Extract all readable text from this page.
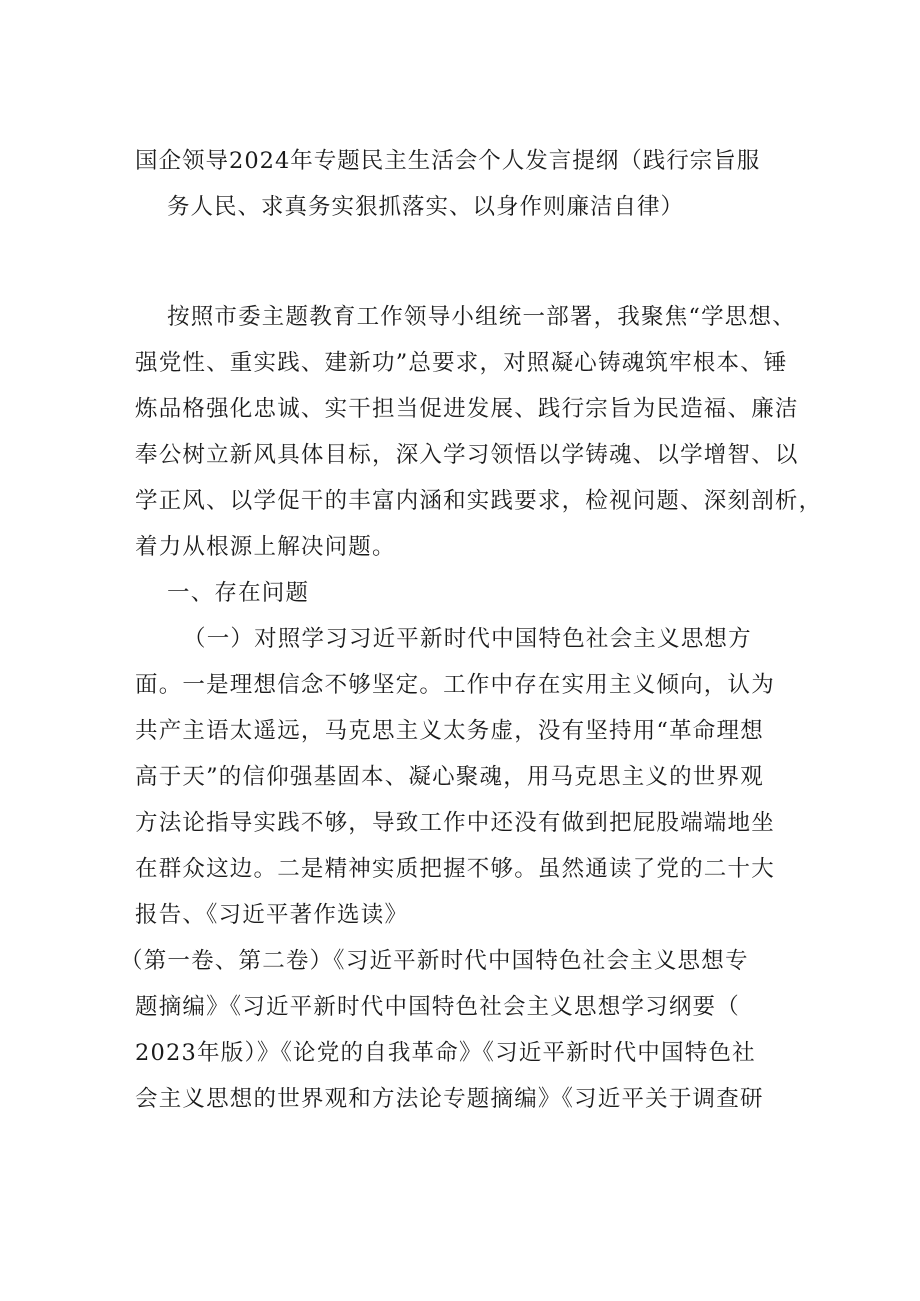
国企领导2024年专题民主生活会个人发言提纲（践行宗旨服
务人民、求真务实狠抓落实、以身作则廉洁自律）
按照市委主题教育工作领导小组统一部署，我聚焦“学思想、
强党性、重实践、建新功”总要求，对照凝心铸魂筑牢根本、锤
炼品格强化忠诚、实干担当促进发展、践行宗旨为民造福、廉洁
奉公树立新风具体目标，深入学习领悟以学铸魂、以学增智、以
学正风、以学促干的丰富内涵和实践要求，检视问题、深刻剖析，
着力从根源上解决问题。
一、存在问题
（一）对照学习习近平新时代中国特色社会主义思想方
面。一是理想信念不够坚定。工作中存在实用主义倾向，认为
共产主语太遥远，马克思主义太务虚，没有坚持用“革命理想
高于天”的信仰强基固本、凝心聚魂，用马克思主义的世界观
方法论指导实践不够，导致工作中还没有做到把屁股端端地坐
在群众这边。二是精神实质把握不够。虽然通读了党的二十大
报告、《习近平著作选读》
（第一卷、第二卷）《习近平新时代中国特色社会主义思想专
题摘编》《习近平新时代中国特色社会主义思想学习纲要（
2023年版）》《论党的自我革命》《习近平新时代中国特色社
会主义思想的世界观和方法论专题摘编》《习近平关于调查研
